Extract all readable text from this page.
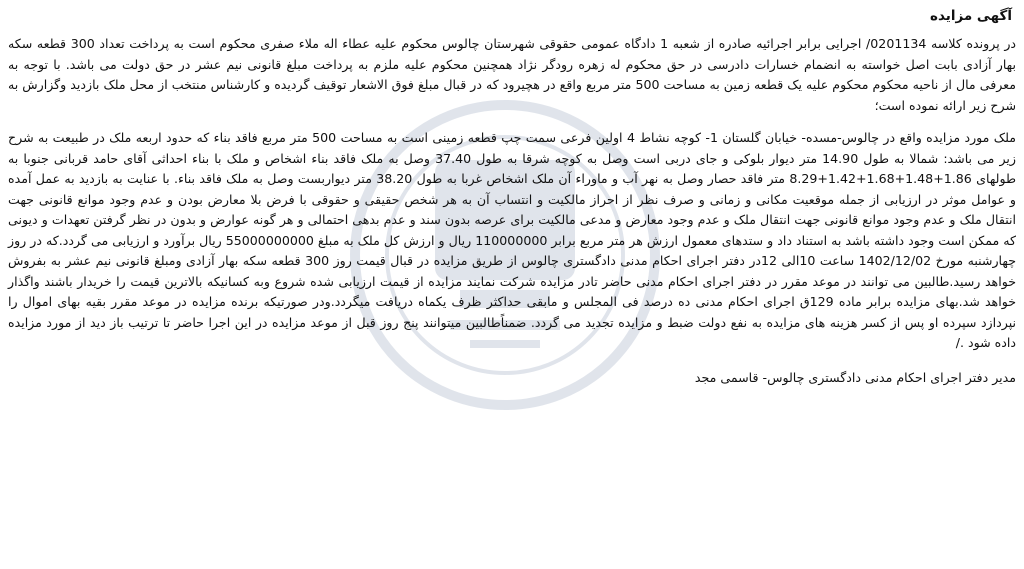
آگهی مزایده

در پرونده کلاسه 0201134/ اجرایی برابر اجرائیه صادره از شعبه 1 دادگاه عمومی حقوقی شهرستان چالوس محکوم علیه عطاء اله ملاء صفری محکوم است به پرداخت تعداد 300 قطعه سکه بهار آزادی بابت اصل خواسته به انضمام خسارات دادرسی در حق محکوم له زهره رودگر نژاد همچنین محکوم علیه ملزم به پرداخت مبلغ قانونی نیم عشر در حق دولت می باشد. با توجه به معرفی مال از ناحیه محکوم محکوم علیه یک قطعه زمین به مساحت 500 متر مربع واقع در هچیرود که در قبال مبلغ فوق الاشعار توقیف گردیده و کارشناس منتخب از محل ملک بازدید وگزارش به شرح زیر ارائه نموده است؛

ملک مورد مزایده واقع در چالوس-مسده- خیابان گلستان 1- کوچه نشاط 4 اولین فرعی سمت چپ قطعه زمینی است به مساحت 500 متر مربع فاقد بناء که حدود اربعه ملک در طبیعت به شرح زیر می باشد: شمالا به طول 14.90 متر دیوار بلوکی و جای دربی است وصل به کوچه شرقا به طول 37.40 وصل به ملک فاقد بناء اشخاص و ملک با بناء احداثی آقای حامد قربانی جنوبا به طولهای 1.86+1.48+1.68+1.42+8.29 متر فاقد حصار وصل به نهر آب و ماوراء آن ملک اشخاص غربا به طول 38.20 متر دیواربست وصل به ملک فاقد بناء. با عنایت به بازدید به عمل آمده و عوامل موثر در ارزیابی از جمله موقعیت مکانی و زمانی و صرف نظر از احراز مالکیت و انتساب آن به هر شخص حقیقی و حقوقی با فرض بلا معارض بودن و عدم وجود موانع قانونی جهت انتقال ملک و عدم وجود موانع قانونی جهت انتقال ملک و عدم وجود معارض و مدعی مالکیت برای عرصه بدون سند و عدم بدهی احتمالی و هر گونه عوارض و بدون در نظر گرفتن تعهدات و دیونی که ممکن است وجود داشته باشد به استناد داد و ستدهای معمول ارزش هر متر مربع برابر 110000000 ریال و ارزش کل ملک به مبلغ 55000000000 ریال برآورد و ارزیابی می گردد.که در روز چهارشنبه مورخ 1402/12/02 ساعت 10الی 12در دفتر اجرای احکام مدنی دادگستری چالوس از طریق مزایده در قبال قیمت روز 300 قطعه سکه بهار آزادی ومبلغ قانونی نیم عشر به بفروش خواهد رسید.طالبین می توانند در موعد مقرر در دفتر اجرای احکام مدنی حاضر تادر مزایده شرکت نمایند مزایده از قیمت ارزیابی شده شروع وبه کسانیکه بالاترین قیمت را خریدار باشند واگذار خواهد شد.بهای مزایده برابر ماده 129ق اجرای احکام مدنی ده درصد فی المجلس و مابقی حداکثر ظرف یکماه دریافت میگردد.ودر صورتیکه برنده مزایده در موعد مقرر بقیه بهای اموال را نپردازد سپرده او پس از کسر هزینه های مزایده به نفع دولت ضبط و مزایده تجدید می گردد. ضمناًطالبین میتوانند پنج روز قبل از موعد مزایده در این اجرا حاضر تا ترتیب باز دید از مورد مزایده داده شود ./

مدیر دفتر اجرای احکام مدنی دادگستری چالوس- قاسمی مجد
